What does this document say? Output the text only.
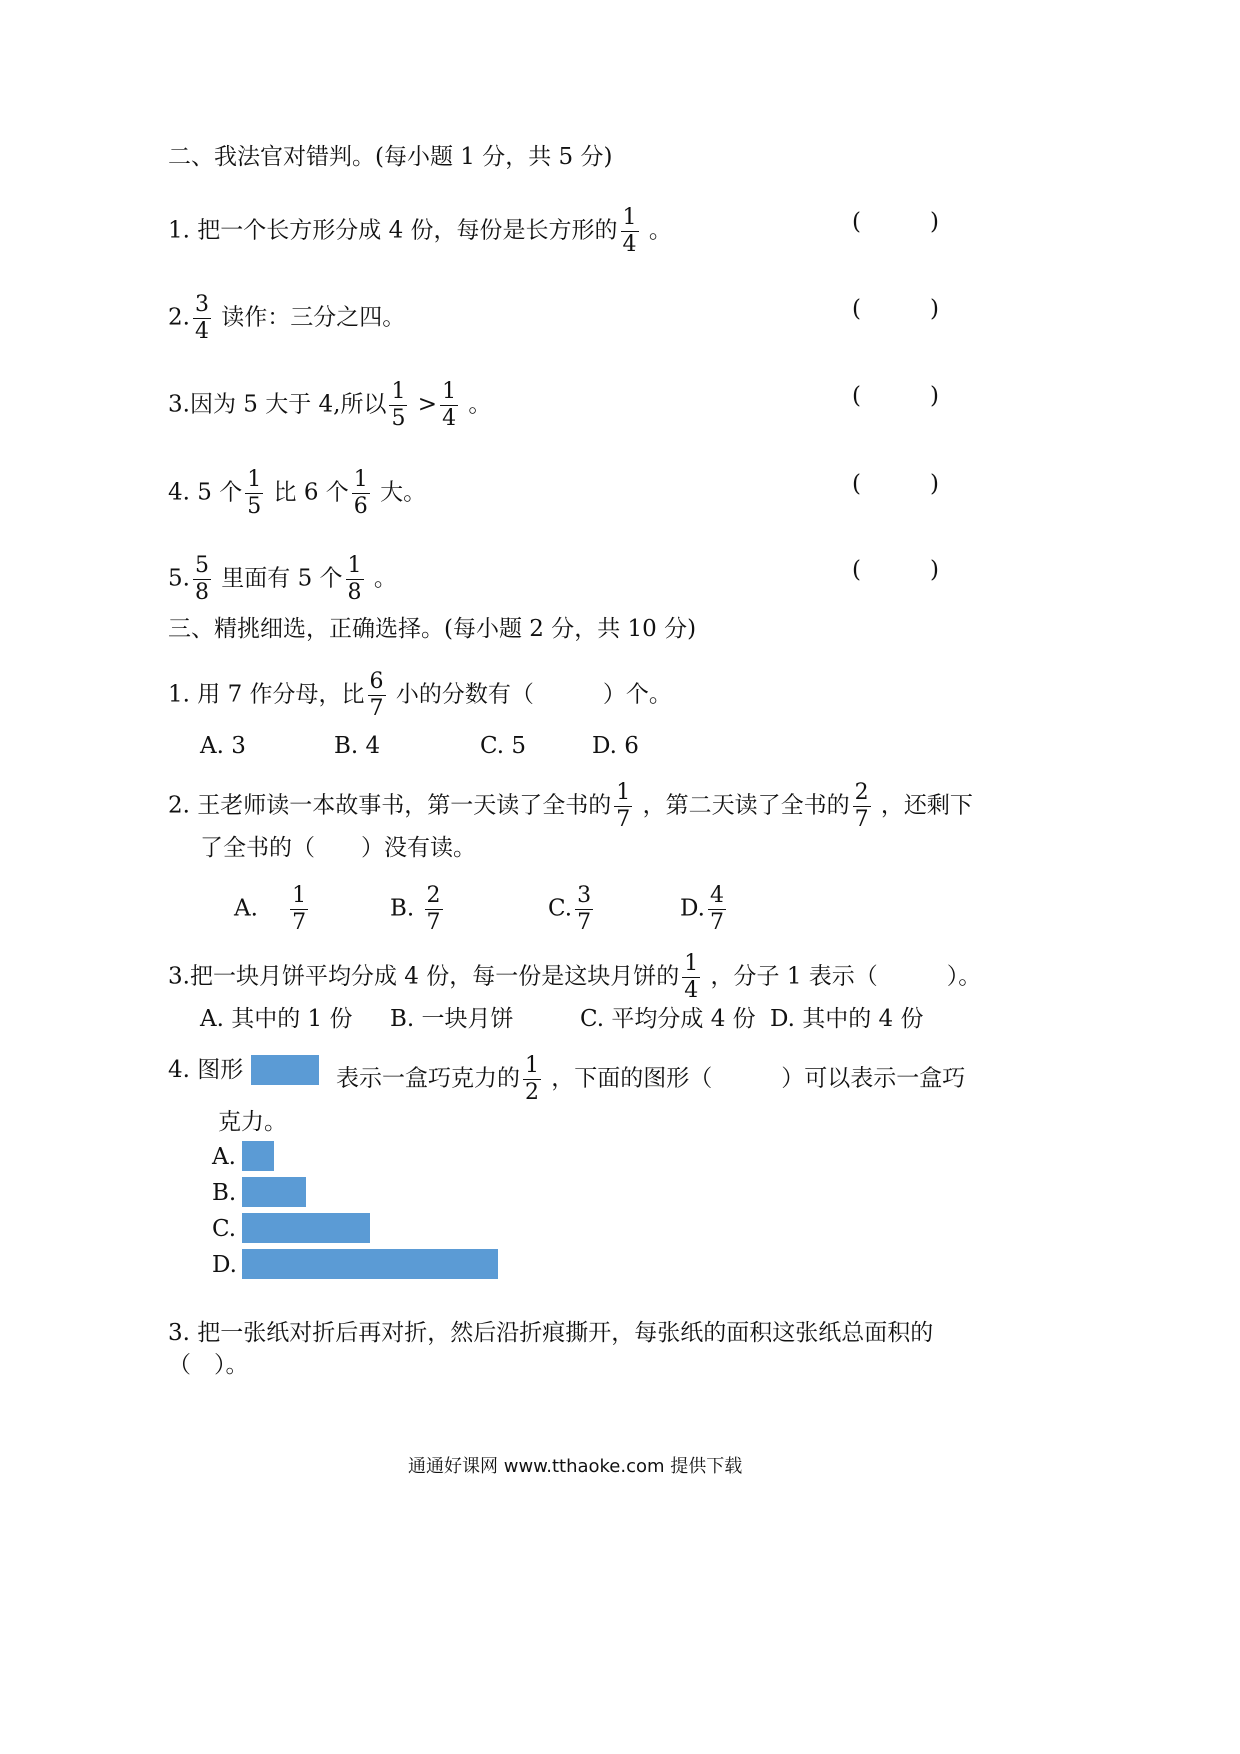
二、我法官对错判。(每小题 1 分，共 5 分)
1. 把一个长方形分成 4 份，每份是长方形的 $\frac{1}{4}$ 。	(	)
2. $\frac{3}{4}$ 读作：三分之四。	(	)
3.因为 5 大于 4,所以 $\frac{1}{5} > \frac{1}{4}$ 。	(	)
4. 5 个 $\frac{1}{5}$ 比 6 个 $\frac{1}{6}$ 大。	(	)
5. $\frac{5}{8}$ 里面有 5 个 $\frac{1}{8}$ 。	(	)
三、精挑细选，正确选择。(每小题 2 分，共 10 分)
1. 用 7 作分母，比 $\frac{6}{7}$ 小的分数有（　　　）个。
A. 3	B. 4	C. 5	D. 6
2. 王老师读一本故事书，第一天读了全书的 $\frac{1}{7}$ ，第二天读了全书的 $\frac{2}{7}$ ，还剩下
了全书的（　　）没有读。
A. $\frac{1}{7}$	B. $\frac{2}{7}$	C. $\frac{3}{7}$	D. $\frac{4}{7}$
3.把一块月饼平均分成 4 份，每一份是这块月饼的 $\frac{1}{4}$ ，分子 1 表示（　　　）。
A. 其中的 1 份 B. 一块月饼	C. 平均分成 4 份 D. 其中的 4 份
4. 图形	表示一盒巧克力的 $\frac{1}{2}$ ，下面的图形（　　　）可以表示一盒巧
克力。
A.
B.
C.
D.
3. 把一张纸对折后再对折，然后沿折痕撕开，每张纸的面积这张纸总面积的
（　）。
通通好课网 www.tthaoke.com 提供下载
